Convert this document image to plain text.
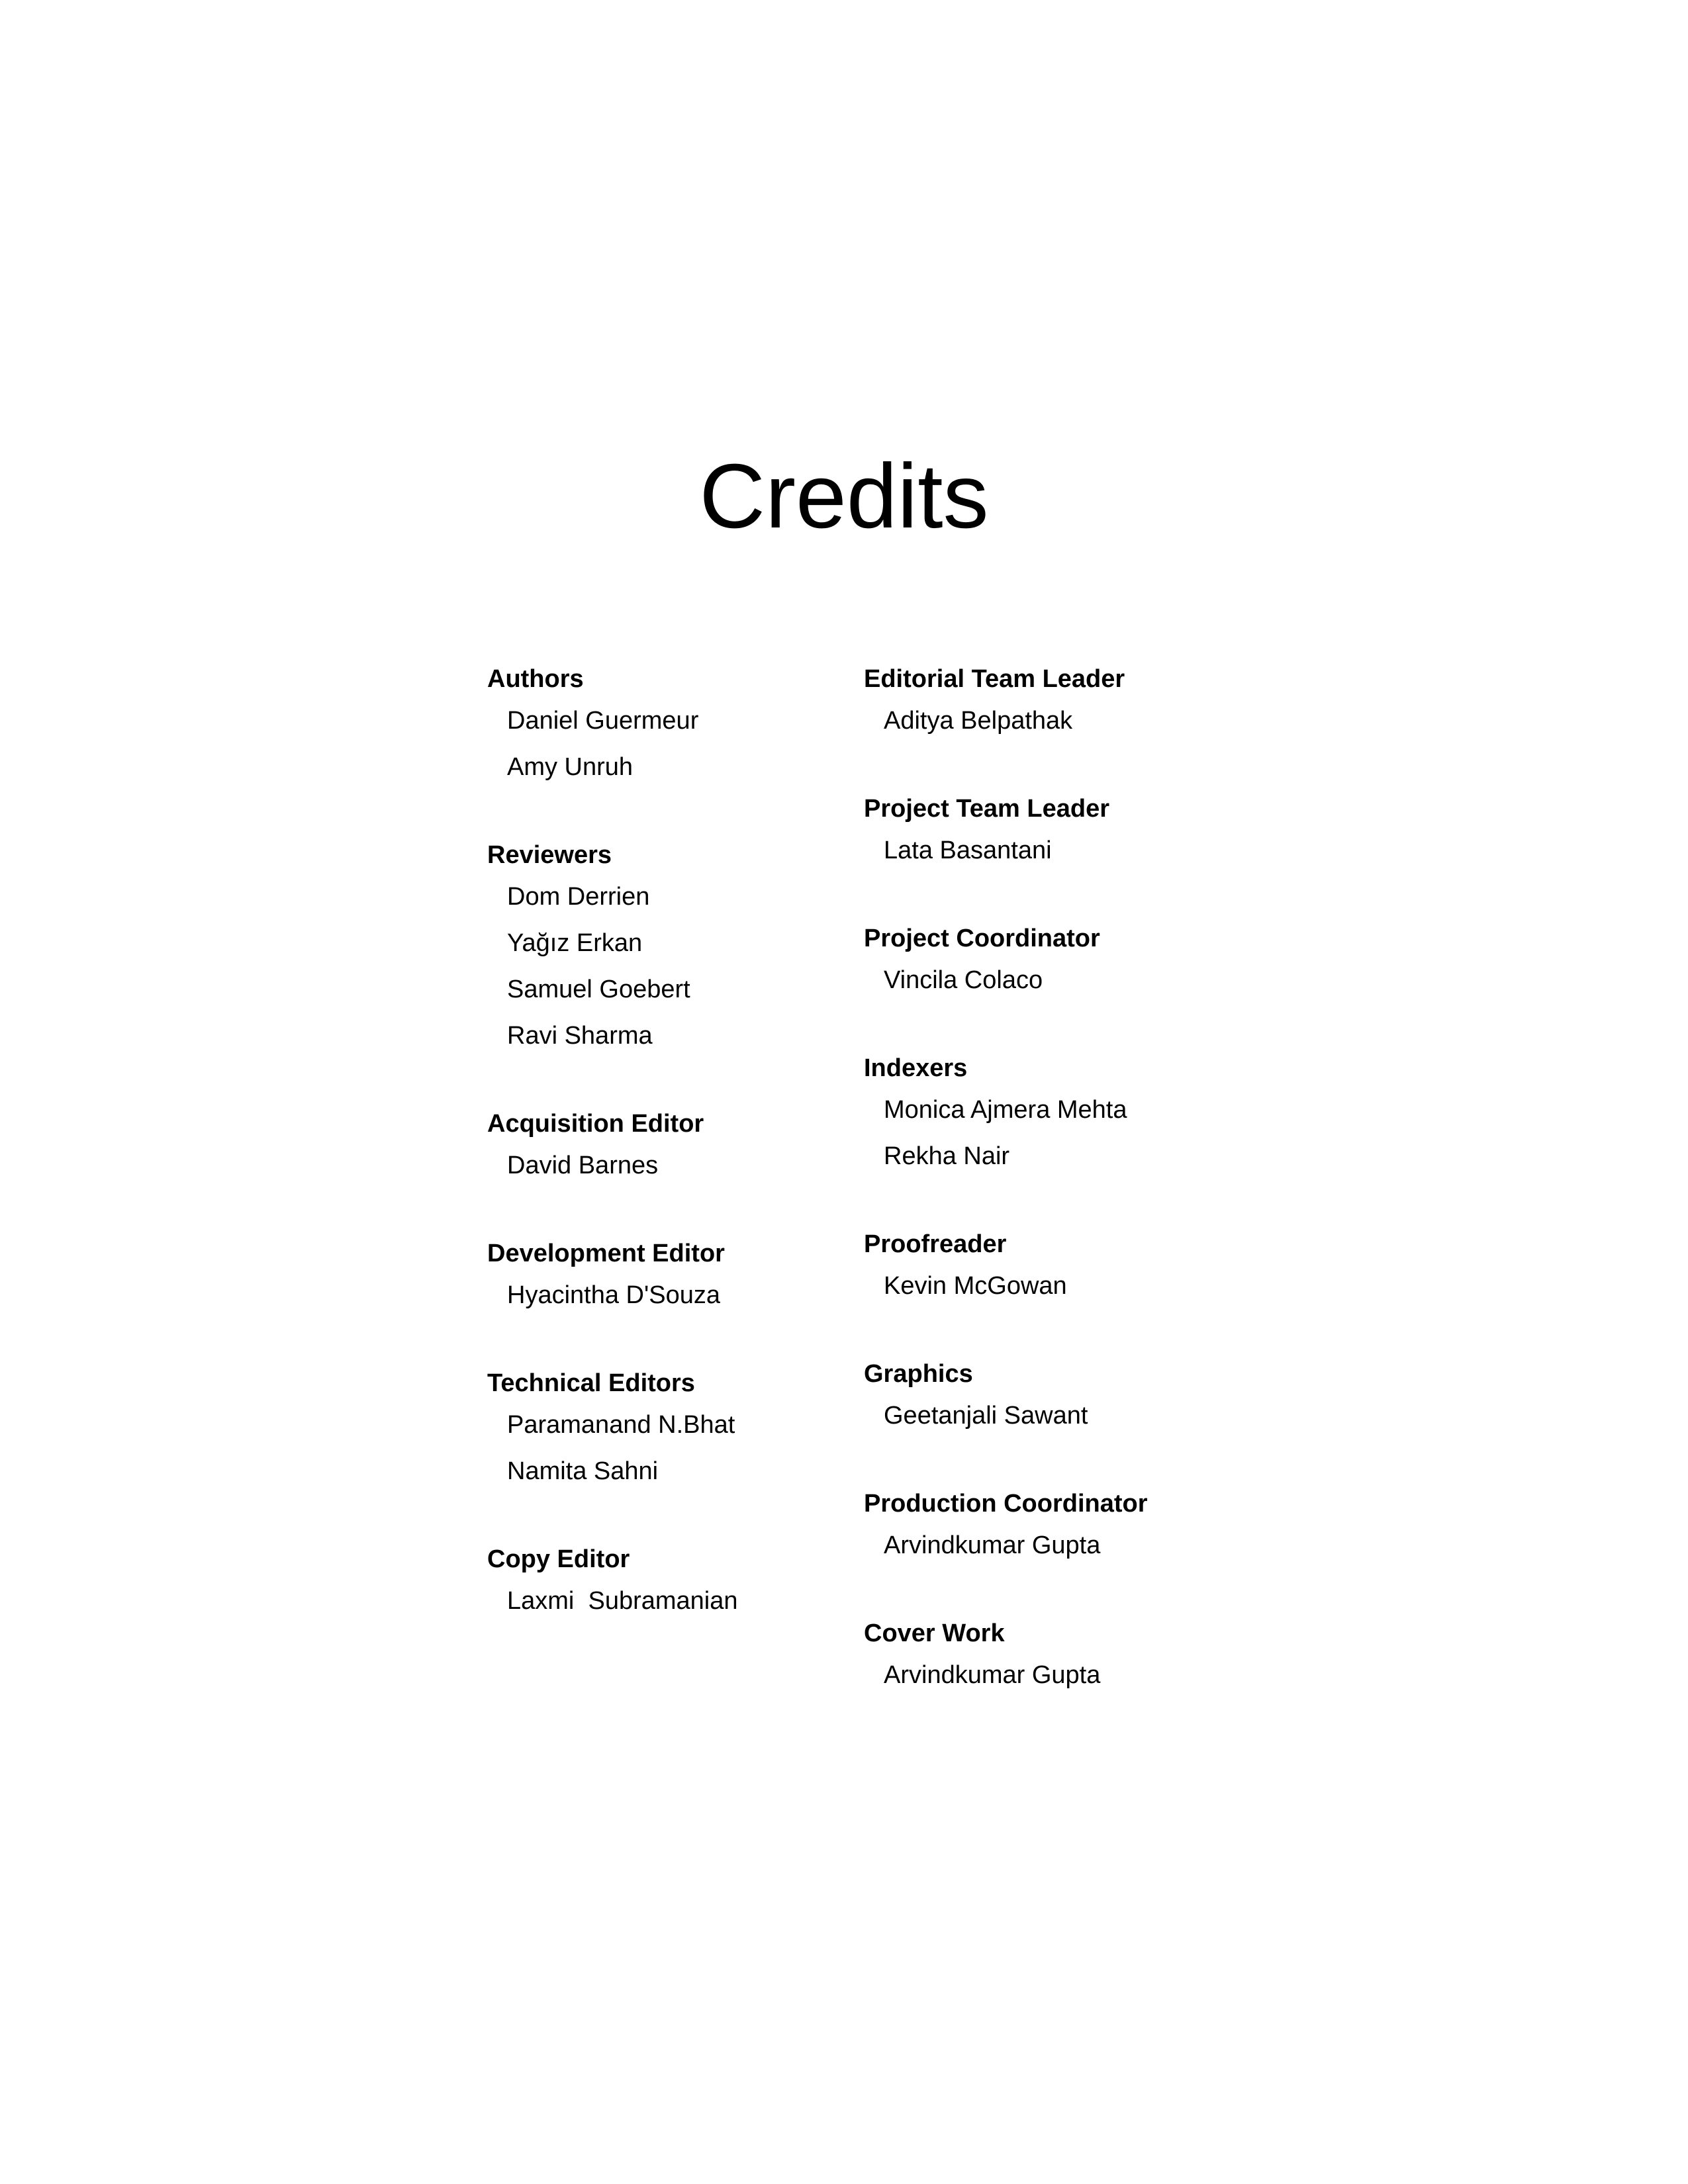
Credits

Authors

Daniel Guermeur
Amy Unruh

Reviewers

Dom Derrien
Yağız Erkan
Samuel Goebert
Ravi Sharma

Acquisition Editor

David Barnes

Development Editor

Hyacintha D'Souza

Technical Editors

Paramanand N.Bhat
Namita Sahni

Copy Editor

Laxmi  Subramanian

Editorial Team Leader

Aditya Belpathak

Project Team Leader

Lata Basantani

Project Coordinator

Vincila Colaco

Indexers

Monica Ajmera Mehta
Rekha Nair

Proofreader

Kevin McGowan

Graphics

Geetanjali Sawant

Production Coordinator

Arvindkumar Gupta

Cover Work

Arvindkumar Gupta
